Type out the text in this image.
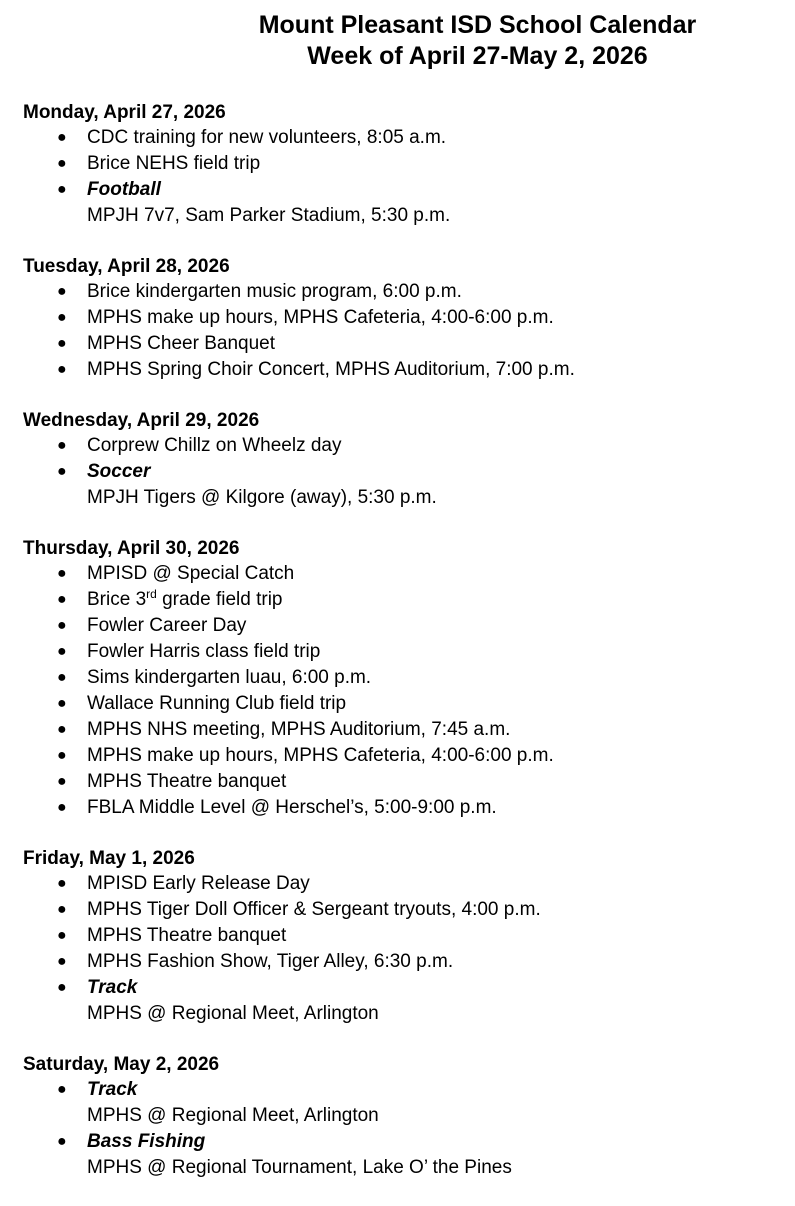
Mount Pleasant ISD School Calendar
Week of April 27-May 2, 2026
Monday, April 27, 2026
● CDC training for new volunteers, 8:05 a.m.
● Brice NEHS field trip
● Football
MPJH 7v7, Sam Parker Stadium, 5:30 p.m.
Tuesday, April 28, 2026
● Brice kindergarten music program, 6:00 p.m.
● MPHS make up hours, MPHS Cafeteria, 4:00-6:00 p.m.
● MPHS Cheer Banquet
● MPHS Spring Choir Concert, MPHS Auditorium, 7:00 p.m.
Wednesday, April 29, 2026
● Corprew Chillz on Wheelz day
● Soccer
MPJH Tigers @ Kilgore (away), 5:30 p.m.
Thursday, April 30, 2026
● MPISD @ Special Catch
● Brice 3rd grade field trip
● Fowler Career Day
● Fowler Harris class field trip
● Sims kindergarten luau, 6:00 p.m.
● Wallace Running Club field trip
● MPHS NHS meeting, MPHS Auditorium, 7:45 a.m.
● MPHS make up hours, MPHS Cafeteria, 4:00-6:00 p.m.
● MPHS Theatre banquet
● FBLA Middle Level @ Herschel’s, 5:00-9:00 p.m.
Friday, May 1, 2026
● MPISD Early Release Day
● MPHS Tiger Doll Officer & Sergeant tryouts, 4:00 p.m.
● MPHS Theatre banquet
● MPHS Fashion Show, Tiger Alley, 6:30 p.m.
● Track
MPHS @ Regional Meet, Arlington
Saturday, May 2, 2026
● Track
MPHS @ Regional Meet, Arlington
● Bass Fishing
MPHS @ Regional Tournament, Lake O’ the Pines
